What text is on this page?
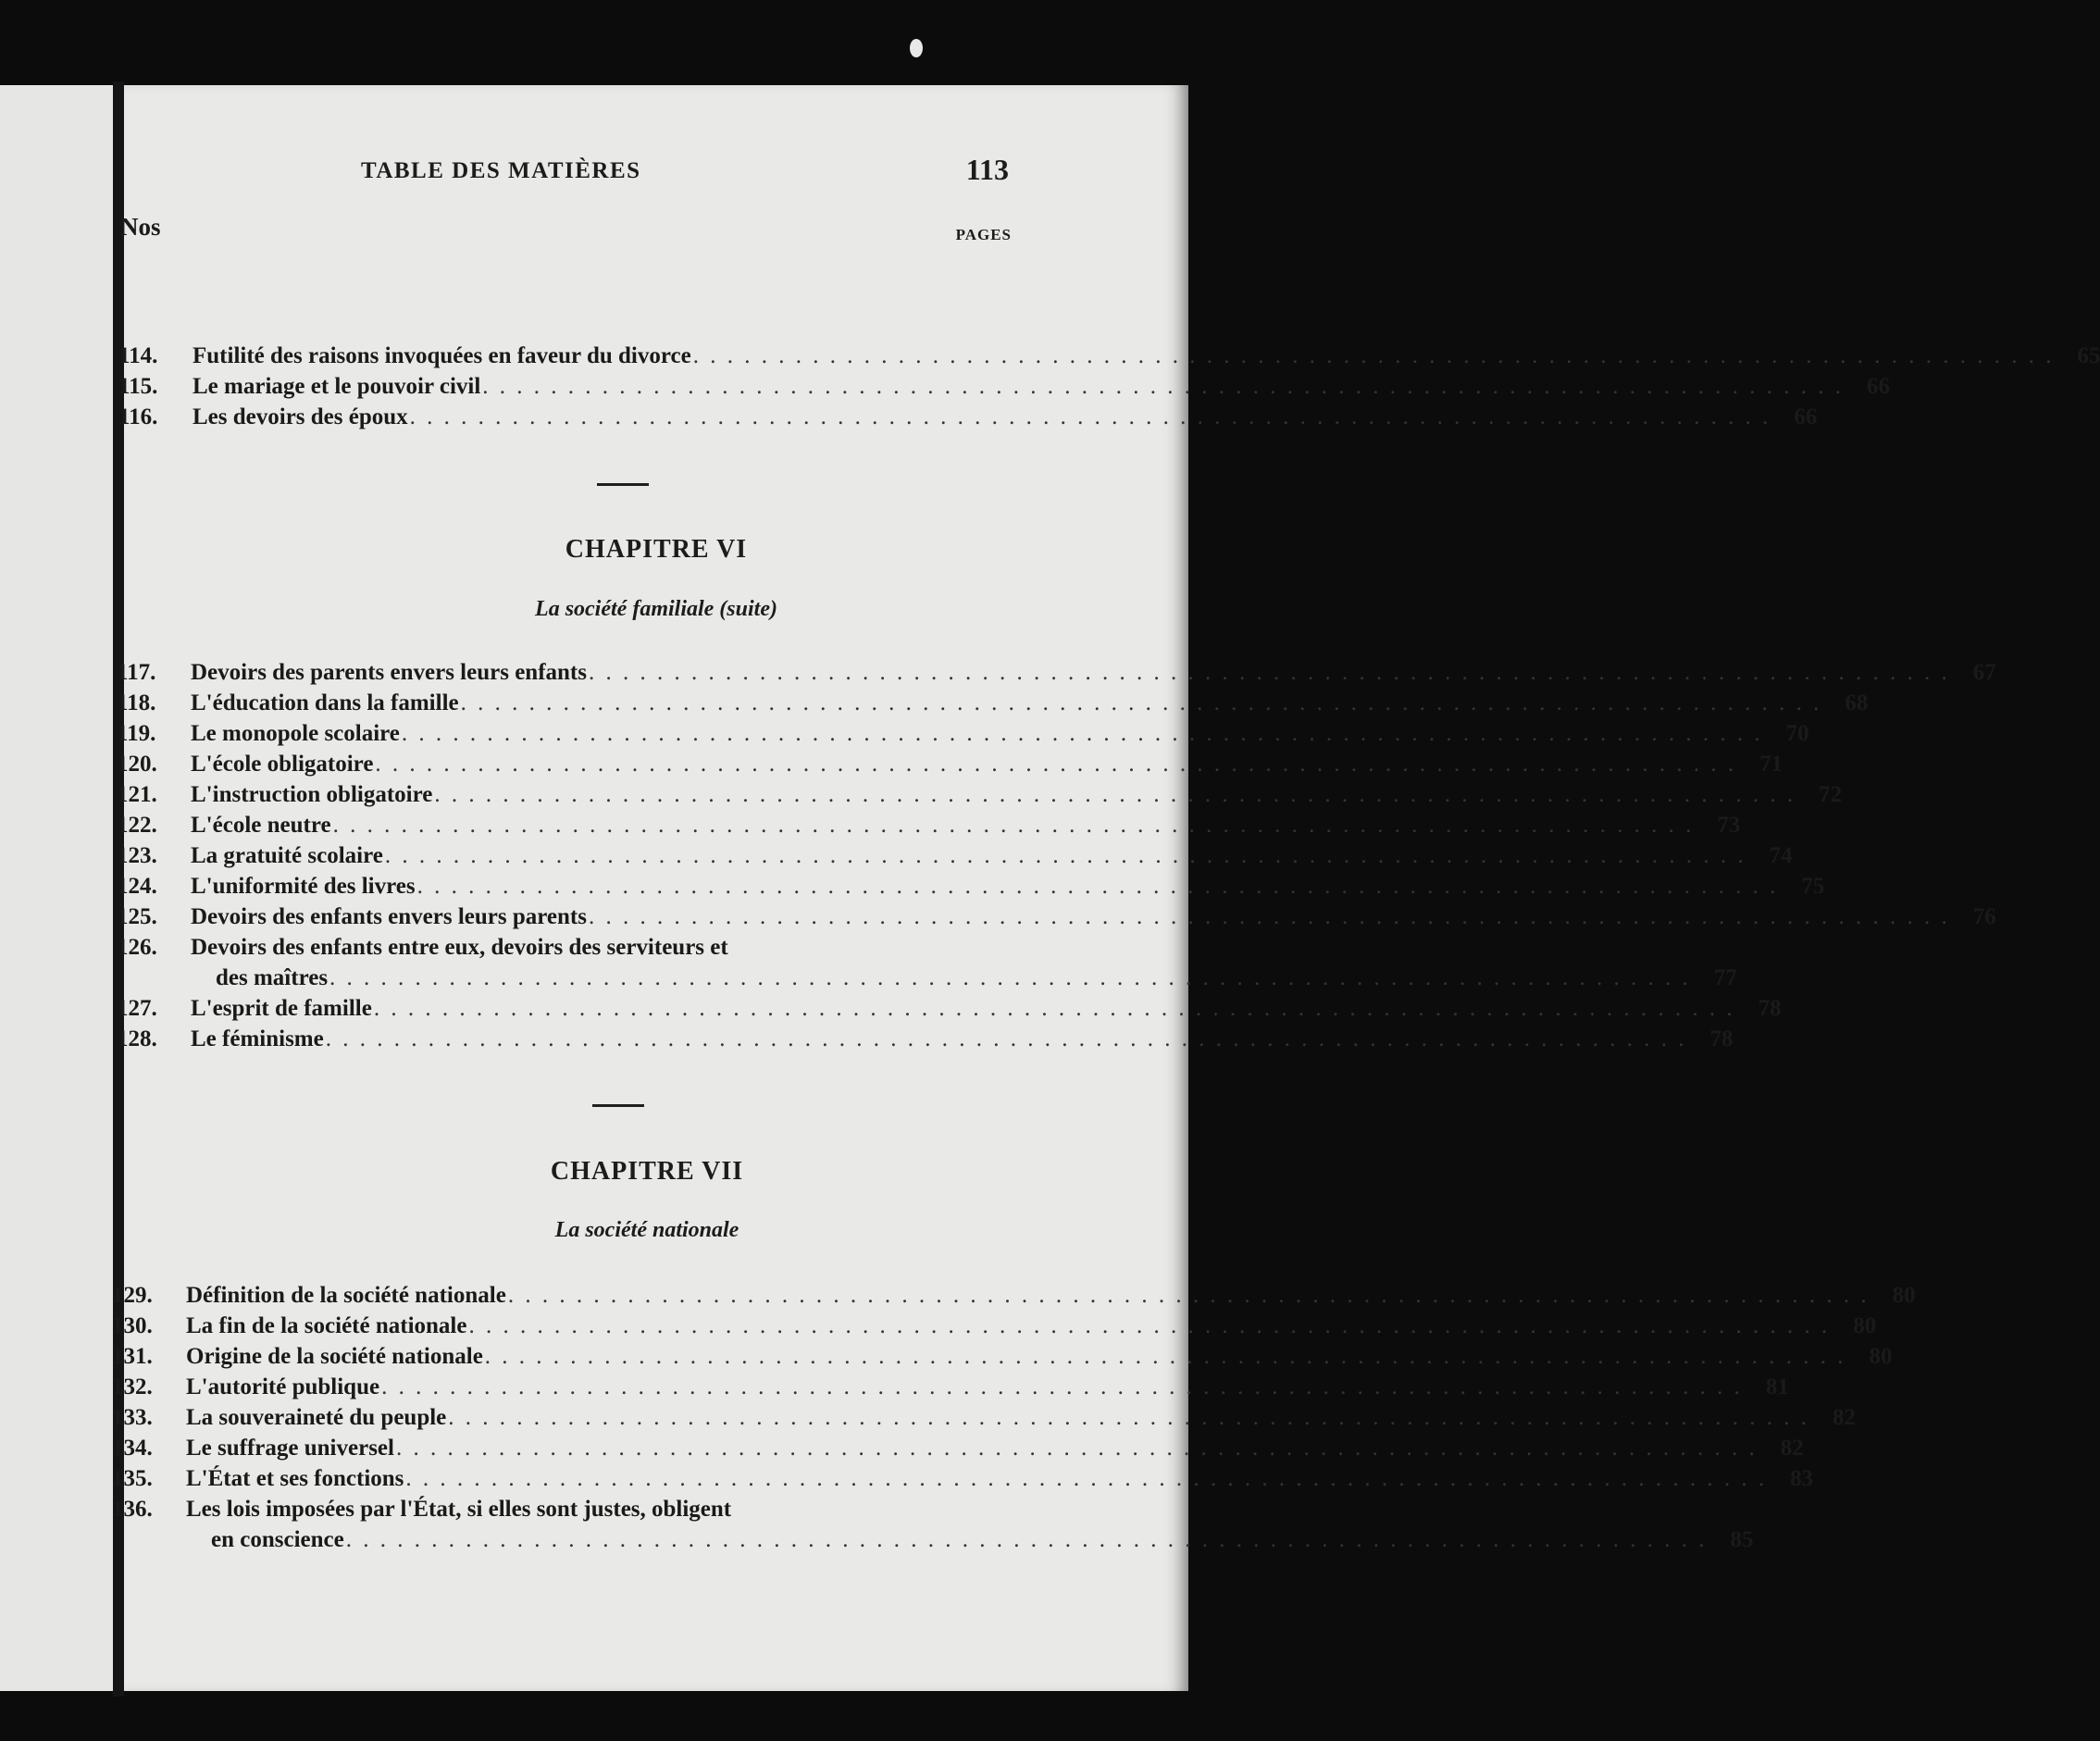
TABLE DES MATIÈRES	113
Nos	PAGES
114.	Futilité des raisons invoquées en faveur du divorce . . . . . . . . . . . . . . . . . . . . . . . . . . . . . . . . . . . . . . . . . . . . . . . . . . . . . . . . . . . . . . . . . . . . . . . . . . . . . . . .	65
115.	Le mariage et le pouvoir civil . . . . . . . . . . . . . . . . . . . . . . . . . . . . . . . . . . . . . . . . . . . . . . . . . . . . . . . . . . . . . . . . . . . . . . . . . . . . . . . .	66
116.	Les devoirs des époux . . . . . . . . . . . . . . . . . . . . . . . . . . . . . . . . . . . . . . . . . . . . . . . . . . . . . . . . . . . . . . . . . . . . . . . . . . . . . . . .	66
CHAPITRE VI
La société familiale (suite)
117.	Devoirs des parents envers leurs enfants . . . . . . . . . . . . . . . . . . . . . . . . . . . . . . . . . . . . . . . . . . . . . . . . . . . . . . . . . . . . . . . . . . . . . . . . . . . . . . . .	67
118.	L'éducation dans la famille . . . . . . . . . . . . . . . . . . . . . . . . . . . . . . . . . . . . . . . . . . . . . . . . . . . . . . . . . . . . . . . . . . . . . . . . . . . . . . . .	68
119.	Le monopole scolaire . . . . . . . . . . . . . . . . . . . . . . . . . . . . . . . . . . . . . . . . . . . . . . . . . . . . . . . . . . . . . . . . . . . . . . . . . . . . . . . .	70
120.	L'école obligatoire . . . . . . . . . . . . . . . . . . . . . . . . . . . . . . . . . . . . . . . . . . . . . . . . . . . . . . . . . . . . . . . . . . . . . . . . . . . . . . . .	71
121.	L'instruction obligatoire . . . . . . . . . . . . . . . . . . . . . . . . . . . . . . . . . . . . . . . . . . . . . . . . . . . . . . . . . . . . . . . . . . . . . . . . . . . . . . . .	72
122.	L'école neutre . . . . . . . . . . . . . . . . . . . . . . . . . . . . . . . . . . . . . . . . . . . . . . . . . . . . . . . . . . . . . . . . . . . . . . . . . . . . . . . .	73
123.	La gratuité scolaire . . . . . . . . . . . . . . . . . . . . . . . . . . . . . . . . . . . . . . . . . . . . . . . . . . . . . . . . . . . . . . . . . . . . . . . . . . . . . . . .	74
124.	L'uniformité des livres . . . . . . . . . . . . . . . . . . . . . . . . . . . . . . . . . . . . . . . . . . . . . . . . . . . . . . . . . . . . . . . . . . . . . . . . . . . . . . . .	75
125.	Devoirs des enfants envers leurs parents . . . . . . . . . . . . . . . . . . . . . . . . . . . . . . . . . . . . . . . . . . . . . . . . . . . . . . . . . . . . . . . . . . . . . . . . . . . . . . . .	76
126.	Devoirs des enfants entre eux, devoirs des serviteurs et
des maîtres . . . . . . . . . . . . . . . . . . . . . . . . . . . . . . . . . . . . . . . . . . . . . . . . . . . . . . . . . . . . . . . . . . . . . . . . . . . . . . . .	77
127.	L'esprit de famille . . . . . . . . . . . . . . . . . . . . . . . . . . . . . . . . . . . . . . . . . . . . . . . . . . . . . . . . . . . . . . . . . . . . . . . . . . . . . . . .	78
128.	Le féminisme . . . . . . . . . . . . . . . . . . . . . . . . . . . . . . . . . . . . . . . . . . . . . . . . . . . . . . . . . . . . . . . . . . . . . . . . . . . . . . . .	78
CHAPITRE VII
La société nationale
129.	Définition de la société nationale . . . . . . . . . . . . . . . . . . . . . . . . . . . . . . . . . . . . . . . . . . . . . . . . . . . . . . . . . . . . . . . . . . . . . . . . . . . . . . . .	80
130.	La fin de la société nationale . . . . . . . . . . . . . . . . . . . . . . . . . . . . . . . . . . . . . . . . . . . . . . . . . . . . . . . . . . . . . . . . . . . . . . . . . . . . . . . .	80
131.	Origine de la société nationale . . . . . . . . . . . . . . . . . . . . . . . . . . . . . . . . . . . . . . . . . . . . . . . . . . . . . . . . . . . . . . . . . . . . . . . . . . . . . . . .	80
132.	L'autorité publique . . . . . . . . . . . . . . . . . . . . . . . . . . . . . . . . . . . . . . . . . . . . . . . . . . . . . . . . . . . . . . . . . . . . . . . . . . . . . . . .	81
133.	La souveraineté du peuple . . . . . . . . . . . . . . . . . . . . . . . . . . . . . . . . . . . . . . . . . . . . . . . . . . . . . . . . . . . . . . . . . . . . . . . . . . . . . . . .	82
134.	Le suffrage universel . . . . . . . . . . . . . . . . . . . . . . . . . . . . . . . . . . . . . . . . . . . . . . . . . . . . . . . . . . . . . . . . . . . . . . . . . . . . . . . .	82
135.	L'État et ses fonctions . . . . . . . . . . . . . . . . . . . . . . . . . . . . . . . . . . . . . . . . . . . . . . . . . . . . . . . . . . . . . . . . . . . . . . . . . . . . . . . .	83
136.	Les lois imposées par l'État, si elles sont justes, obligent
en conscience . . . . . . . . . . . . . . . . . . . . . . . . . . . . . . . . . . . . . . . . . . . . . . . . . . . . . . . . . . . . . . . . . . . . . . . . . . . . . . . .	85
